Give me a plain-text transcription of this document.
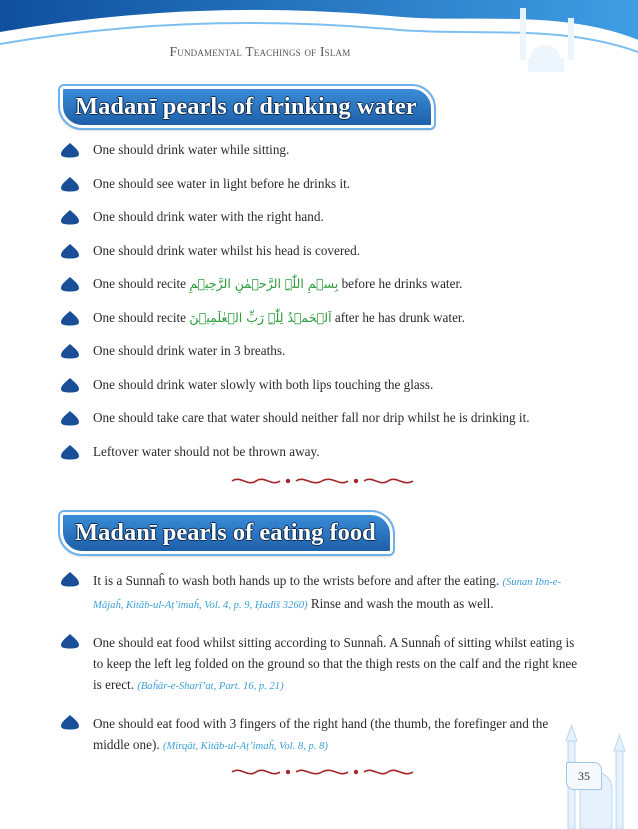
Fundamental Teachings of Islam
Madanī pearls of drinking water
One should drink water while sitting.
One should see water in light before he drinks it.
One should drink water with the right hand.
One should drink water whilst his head is covered.
One should recite بِسۡمِ اللّٰہِ الرَّحۡمٰنِ الرَّحِیۡمِ before he drinks water.
One should recite اَلۡحَمۡدُ لِلّٰہِ رَبِّ الۡعٰلَمِیۡنَ after he has drunk water.
One should drink water in 3 breaths.
One should drink water slowly with both lips touching the glass.
One should take care that water should neither fall nor drip whilst he is drinking it.
Leftover water should not be thrown away.
Madanī pearls of eating food
It is a Sunnaĥ to wash both hands up to the wrists before and after the eating. (Sunan Ibn-e-Mājaĥ, Kitāb-ul-Aṭ’imaĥ, Vol. 4, p. 9, Ḥadīš 3260) Rinse and wash the mouth as well.
One should eat food whilst sitting according to Sunnaĥ. A Sunnaĥ of sitting whilst eating is to keep the left leg folded on the ground so that the thigh rests on the calf and the right knee is erect. (Baĥār-e-Sharī’at, Part. 16, p. 21)
One should eat food with 3 fingers of the right hand (the thumb, the forefinger and the middle one). (Mirqāt, Kitāb-ul-Aṭ’imaĥ, Vol. 8, p. 8)
35
